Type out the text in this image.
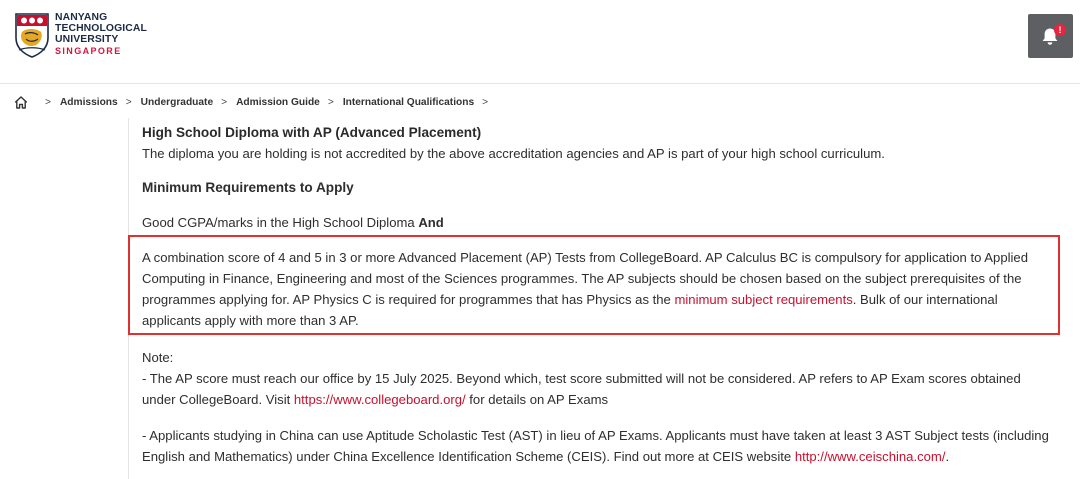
NANYANG
TECHNOLOGICAL
UNIVERSITY
SINGAPORE
!
> Admissions > Undergraduate > Admission Guide > International Qualifications >

High School Diploma with AP (Advanced Placement)

The diploma you are holding is not accredited by the above accreditation agencies and AP is part of your high school curriculum.

Minimum Requirements to Apply

Good CGPA/marks in the High School Diploma And

A combination score of 4 and 5 in 3 or more Advanced Placement (AP) Tests from CollegeBoard. AP Calculus BC is compulsory for application to Applied Computing in Finance, Engineering and most of the Sciences programmes. The AP subjects should be chosen based on the subject prerequisites of the programmes applying for. AP Physics C is required for programmes that has Physics as the minimum subject requirements. Bulk of our international applicants apply with more than 3 AP.

Note:
- The AP score must reach our office by 15 July 2025. Beyond which, test score submitted will not be considered. AP refers to AP Exam scores obtained under CollegeBoard. Visit https://www.collegeboard.org/ for details on AP Exams

- Applicants studying in China can use Aptitude Scholastic Test (AST) in lieu of AP Exams. Applicants must have taken at least 3 AST Subject tests (including English and Mathematics) under China Excellence Identification Scheme (CEIS). Find out more at CEIS website http://www.ceischina.com/.
